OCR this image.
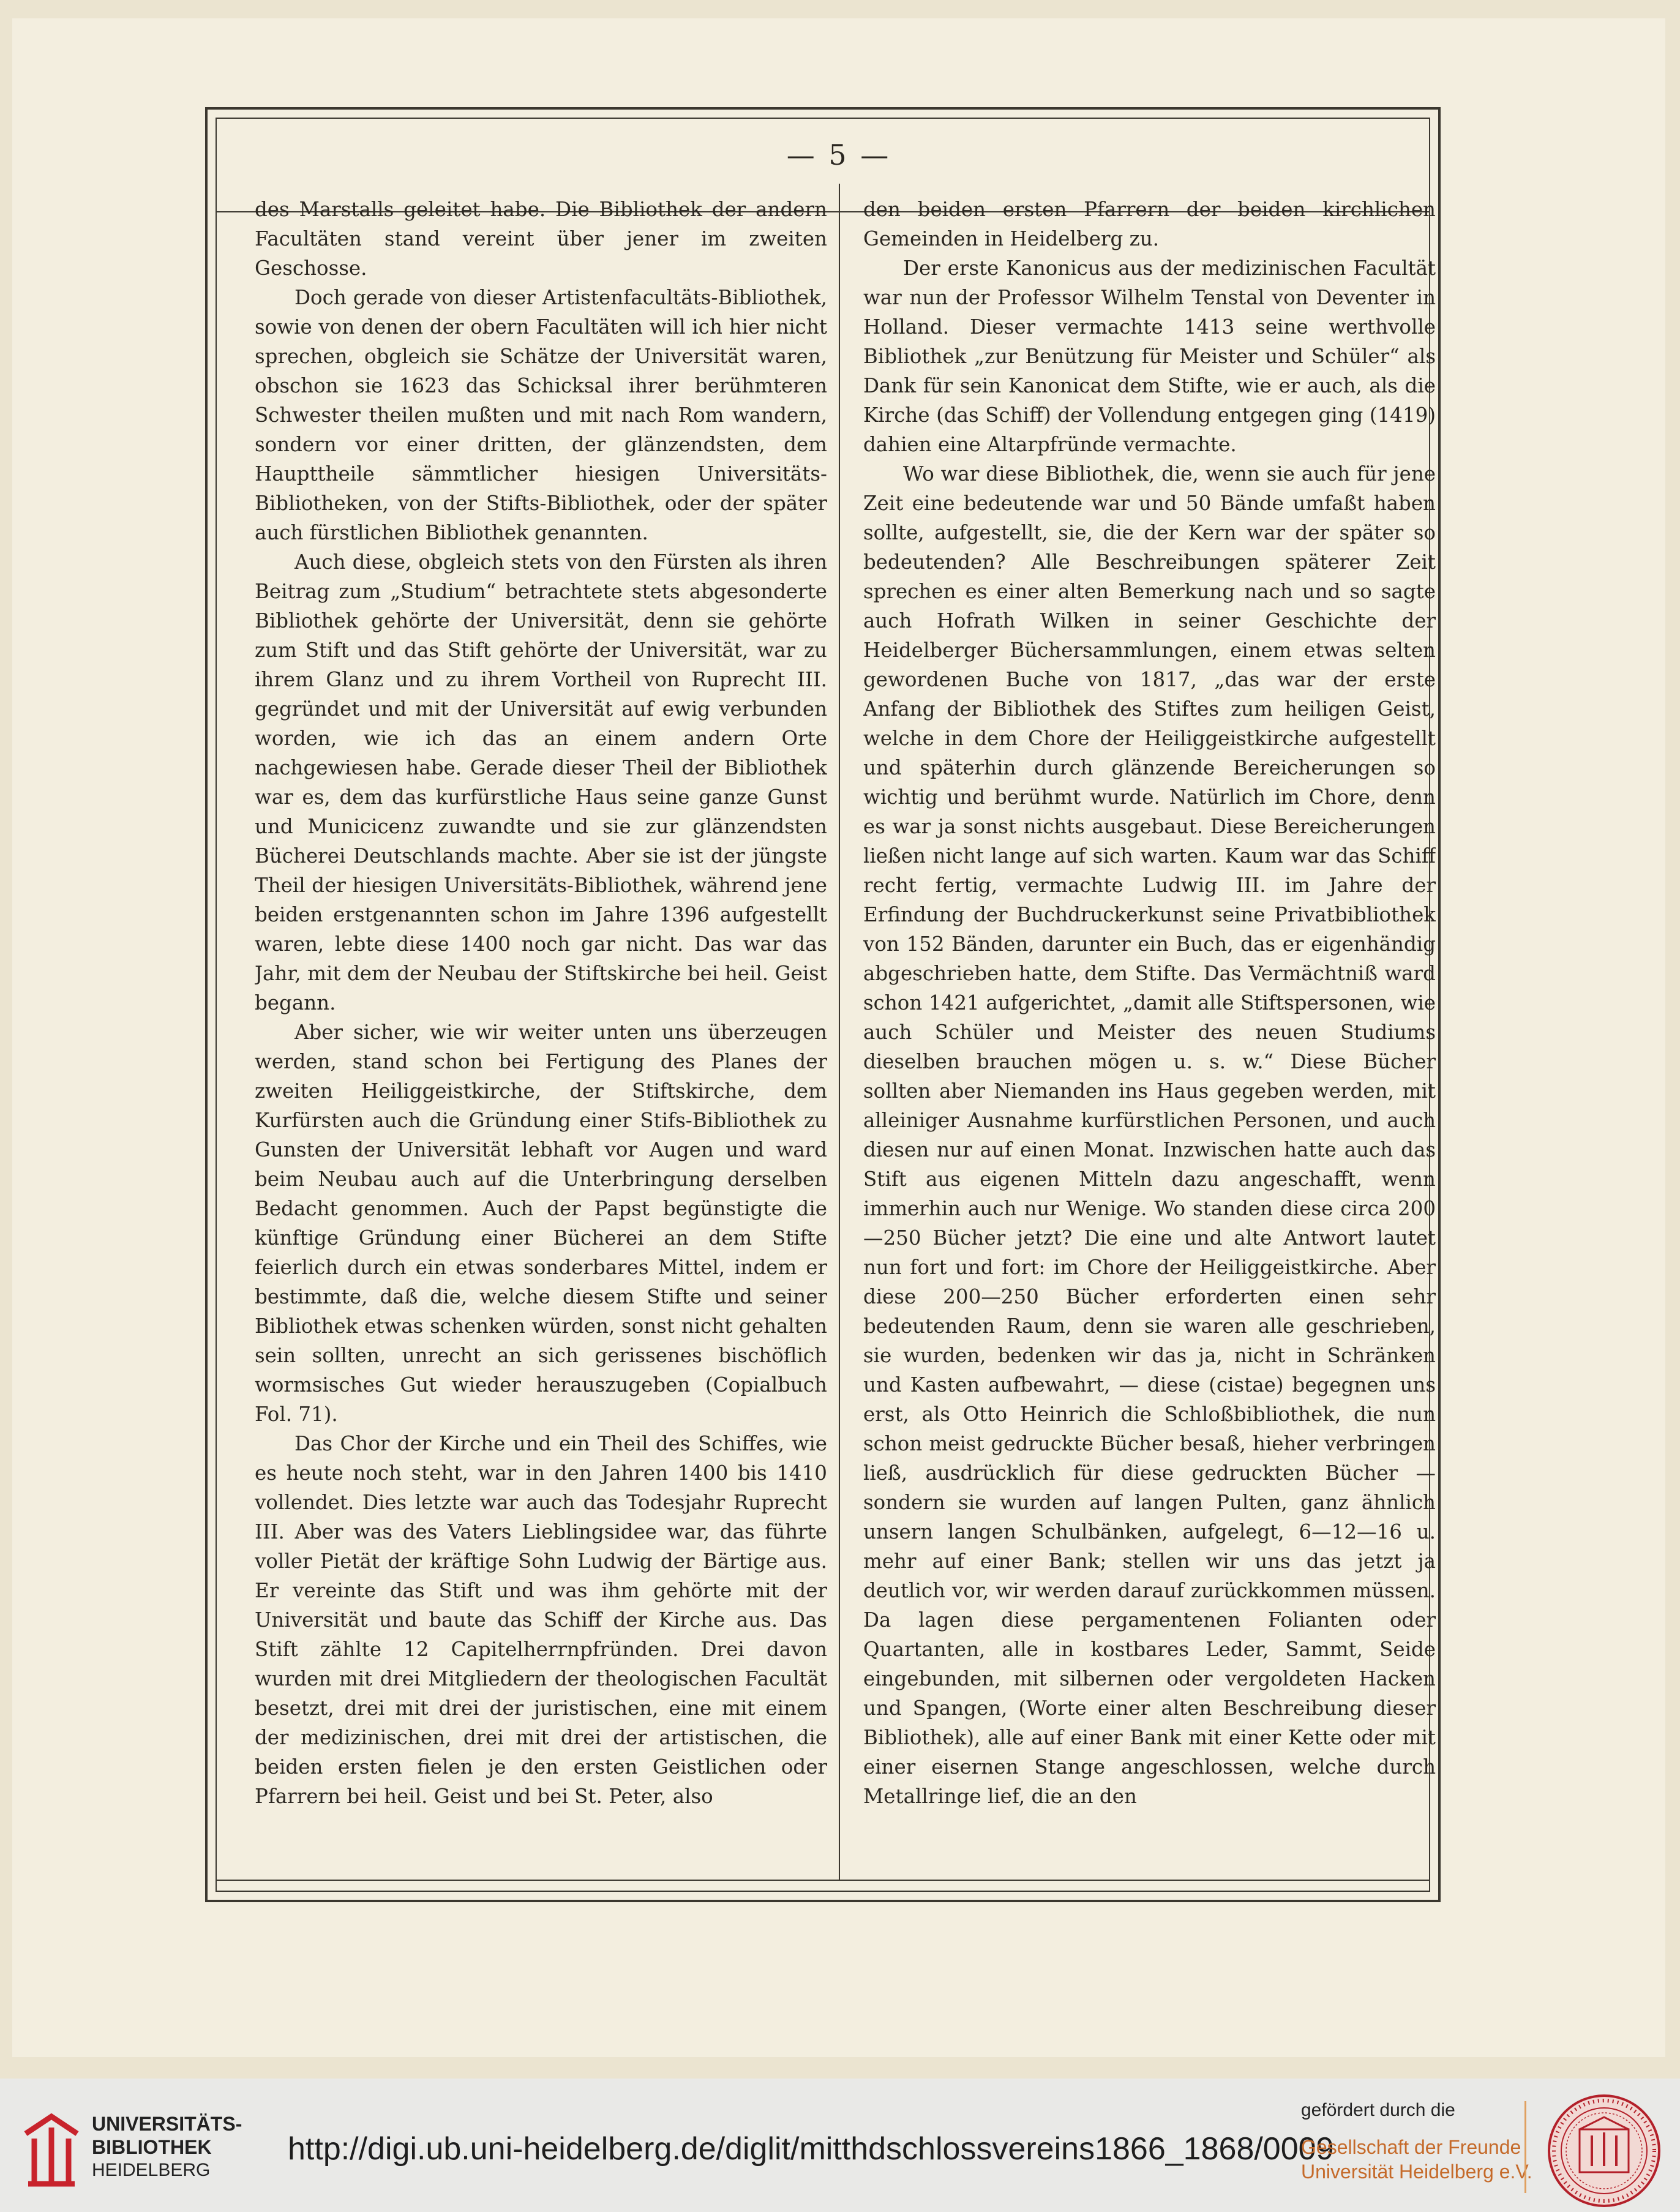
— 5 —

des Marstalls geleitet habe. Die Bibliothek der andern Facultäten stand vereint über jener im zweiten Geschosse.

Doch gerade von dieser Artistenfacultäts-Bibliothek, sowie von denen der obern Facultäten will ich hier nicht sprechen, obgleich sie Schätze der Universität waren, obschon sie 1623 das Schicksal ihrer berühmteren Schwester theilen mußten und mit nach Rom wandern, sondern vor einer dritten, der glänzendsten, dem Haupttheile sämmtlicher hiesigen Universitäts-Bibliotheken, von der Stifts-Bibliothek, oder der später auch fürstlichen Bibliothek genannten.

Auch diese, obgleich stets von den Fürsten als ihren Beitrag zum „Studium“ betrachtete stets abgesonderte Bibliothek gehörte der Universität, denn sie gehörte zum Stift und das Stift gehörte der Universität, war zu ihrem Glanz und zu ihrem Vortheil von Ruprecht III. gegründet und mit der Universität auf ewig verbunden worden, wie ich das an einem andern Orte nachgewiesen habe. Gerade dieser Theil der Bibliothek war es, dem das kurfürstliche Haus seine ganze Gunst und Municicenz zuwandte und sie zur glänzendsten Bücherei Deutschlands machte. Aber sie ist der jüngste Theil der hiesigen Universitäts-Bibliothek, während jene beiden erstgenannten schon im Jahre 1396 aufgestellt waren, lebte diese 1400 noch gar nicht. Das war das Jahr, mit dem der Neubau der Stiftskirche bei heil. Geist begann.

Aber sicher, wie wir weiter unten uns überzeugen werden, stand schon bei Fertigung des Planes der zweiten Heiliggeistkirche, der Stiftskirche, dem Kurfürsten auch die Gründung einer Stifs-Bibliothek zu Gunsten der Universität lebhaft vor Augen und ward beim Neubau auch auf die Unterbringung derselben Bedacht genommen. Auch der Papst begünstigte die künftige Gründung einer Bücherei an dem Stifte feierlich durch ein etwas sonderbares Mittel, indem er bestimmte, daß die, welche diesem Stifte und seiner Bibliothek etwas schenken würden, sonst nicht gehalten sein sollten, unrecht an sich gerissenes bischöflich wormsisches Gut wieder herauszugeben (Copialbuch Fol. 71).

Das Chor der Kirche und ein Theil des Schiffes, wie es heute noch steht, war in den Jahren 1400 bis 1410 vollendet. Dies letzte war auch das Todesjahr Ruprecht III. Aber was des Vaters Lieblingsidee war, das führte voller Pietät der kräftige Sohn Ludwig der Bärtige aus. Er vereinte das Stift und was ihm gehörte mit der Universität und baute das Schiff der Kirche aus. Das Stift zählte 12 Capitelherrnpfründen. Drei davon wurden mit drei Mitgliedern der theologischen Facultät besetzt, drei mit drei der juristischen, eine mit einem der medizinischen, drei mit drei der artistischen, die beiden ersten fielen je den ersten Geistlichen oder Pfarrern bei heil. Geist und bei St. Peter, also

den beiden ersten Pfarrern der beiden kirchlichen Gemeinden in Heidelberg zu.

Der erste Kanonicus aus der medizinischen Facultät war nun der Professor Wilhelm Tenstal von Deventer in Holland. Dieser vermachte 1413 seine werthvolle Bibliothek „zur Benützung für Meister und Schüler“ als Dank für sein Kanonicat dem Stifte, wie er auch, als die Kirche (das Schiff) der Vollendung entgegen ging (1419) dahien eine Altarpfründe vermachte.

Wo war diese Bibliothek, die, wenn sie auch für jene Zeit eine bedeutende war und 50 Bände umfaßt haben sollte, aufgestellt, sie, die der Kern war der später so bedeutenden? Alle Beschreibungen späterer Zeit sprechen es einer alten Bemerkung nach und so sagte auch Hofrath Wilken in seiner Geschichte der Heidelberger Büchersammlungen, einem etwas selten gewordenen Buche von 1817, „das war der erste Anfang der Bibliothek des Stiftes zum heiligen Geist, welche in dem Chore der Heiliggeistkirche aufgestellt und späterhin durch glänzende Bereicherungen so wichtig und berühmt wurde. Natürlich im Chore, denn es war ja sonst nichts ausgebaut. Diese Bereicherungen ließen nicht lange auf sich warten. Kaum war das Schiff recht fertig, vermachte Ludwig III. im Jahre der Erfindung der Buchdruckerkunst seine Privatbibliothek von 152 Bänden, darunter ein Buch, das er eigenhändig abgeschrieben hatte, dem Stifte. Das Vermächtniß ward schon 1421 aufgerichtet, „damit alle Stiftspersonen, wie auch Schüler und Meister des neuen Studiums dieselben brauchen mögen u. s. w.“ Diese Bücher sollten aber Niemanden ins Haus gegeben werden, mit alleiniger Ausnahme kurfürstlichen Personen, und auch diesen nur auf einen Monat. Inzwischen hatte auch das Stift aus eigenen Mitteln dazu angeschafft, wenn immerhin auch nur Wenige. Wo standen diese circa 200—250 Bücher jetzt? Die eine und alte Antwort lautet nun fort und fort: im Chore der Heiliggeistkirche. Aber diese 200—250 Bücher erforderten einen sehr bedeutenden Raum, denn sie waren alle geschrieben, sie wurden, bedenken wir das ja, nicht in Schränken und Kasten aufbewahrt, — diese (cistae) begegnen uns erst, als Otto Heinrich die Schloßbibliothek, die nun schon meist gedruckte Bücher besaß, hieher verbringen ließ, ausdrücklich für diese gedruckten Bücher — sondern sie wurden auf langen Pulten, ganz ähnlich unsern langen Schulbänken, aufgelegt, 6—12—16 u. mehr auf einer Bank; stellen wir uns das jetzt ja deutlich vor, wir werden darauf zurückkommen müssen. Da lagen diese pergamentenen Folianten oder Quartanten, alle in kostbares Leder, Sammt, Seide eingebunden, mit silbernen oder vergoldeten Hacken und Spangen, (Worte einer alten Beschreibung dieser Bibliothek), alle auf einer Bank mit einer Kette oder mit einer eisernen Stange angeschlossen, welche durch Metallringe lief, die an den

UNIVERSITÄTS-
BIBLIOTHEK
HEIDELBERG
http://digi.ub.uni-heidelberg.de/diglit/mitthdschlossvereins1866_1868/0009
gefördert durch die
Gesellschaft der Freunde
Universität Heidelberg e.V.
